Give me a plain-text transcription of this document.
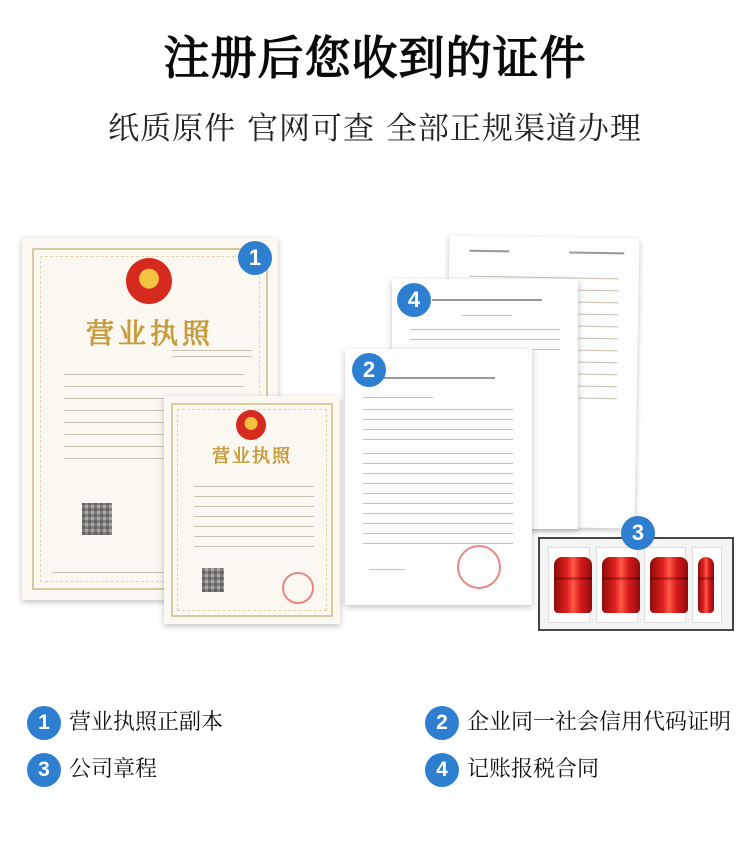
注册后您收到的证件
纸质原件 官网可查 全部正规渠道办理
营业执照
营业执照
1
2
3
4
1 营业执照正副本	2 企业同一社会信用代码证明
3 公司章程	4 记账报税合同
